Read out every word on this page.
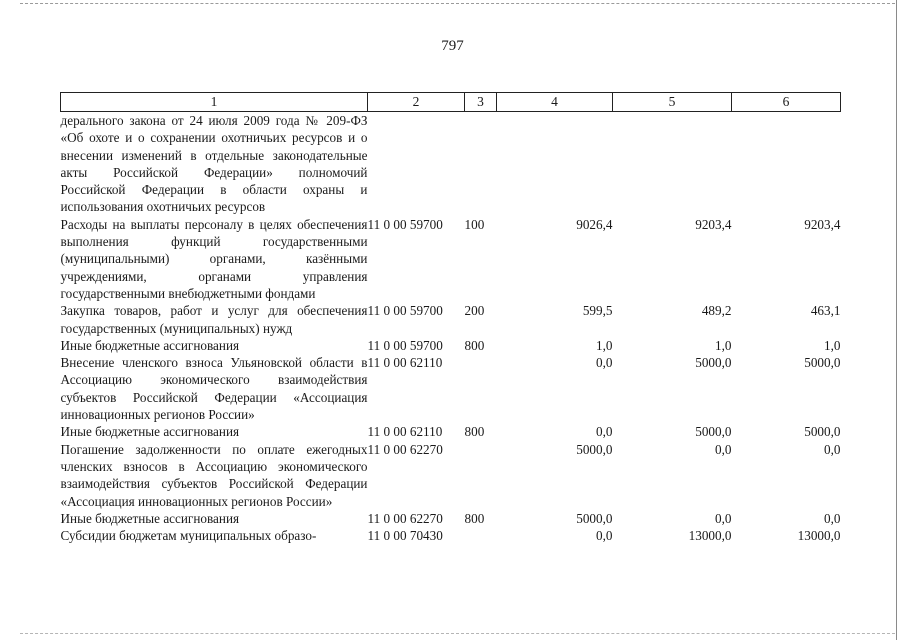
797
1	2	3	4	5	6
дерального закона от 24 июля 2009 года № 209-ФЗ «Об охоте и о сохранении охотничьих ресурсов и о внесении изменений в отдельные законодательные акты Российской Федерации» полномочий Российской Федерации в области охраны и использования охотничьих ресурсов					
Расходы на выплаты персоналу в целях обеспечения выполнения функций государственными (муниципальными) органами, казёнными учреждениями, органами управления государственными внебюджетными фондами	11 0 00 59700	100	9026,4	9203,4	9203,4
Закупка товаров, работ и услуг для обеспечения государственных (муниципальных) нужд	11 0 00 59700	200	599,5	489,2	463,1
Иные бюджетные ассигнования	11 0 00 59700	800	1,0	1,0	1,0
Внесение членского взноса Ульяновской области в Ассоциацию экономического взаимодействия субъектов Российской Федерации «Ассоциация инновационных регионов России»	11 0 00 62110		0,0	5000,0	5000,0
Иные бюджетные ассигнования	11 0 00 62110	800	0,0	5000,0	5000,0
Погашение задолженности по оплате ежегодных членских взносов в Ассоциацию экономического взаимодействия субъектов Российской Федерации «Ассоциация инновационных регионов России»	11 0 00 62270		5000,0	0,0	0,0
Иные бюджетные ассигнования	11 0 00 62270	800	5000,0	0,0	0,0
Субсидии бюджетам муниципальных образо-	11 0 00 70430		0,0	13000,0	13000,0
